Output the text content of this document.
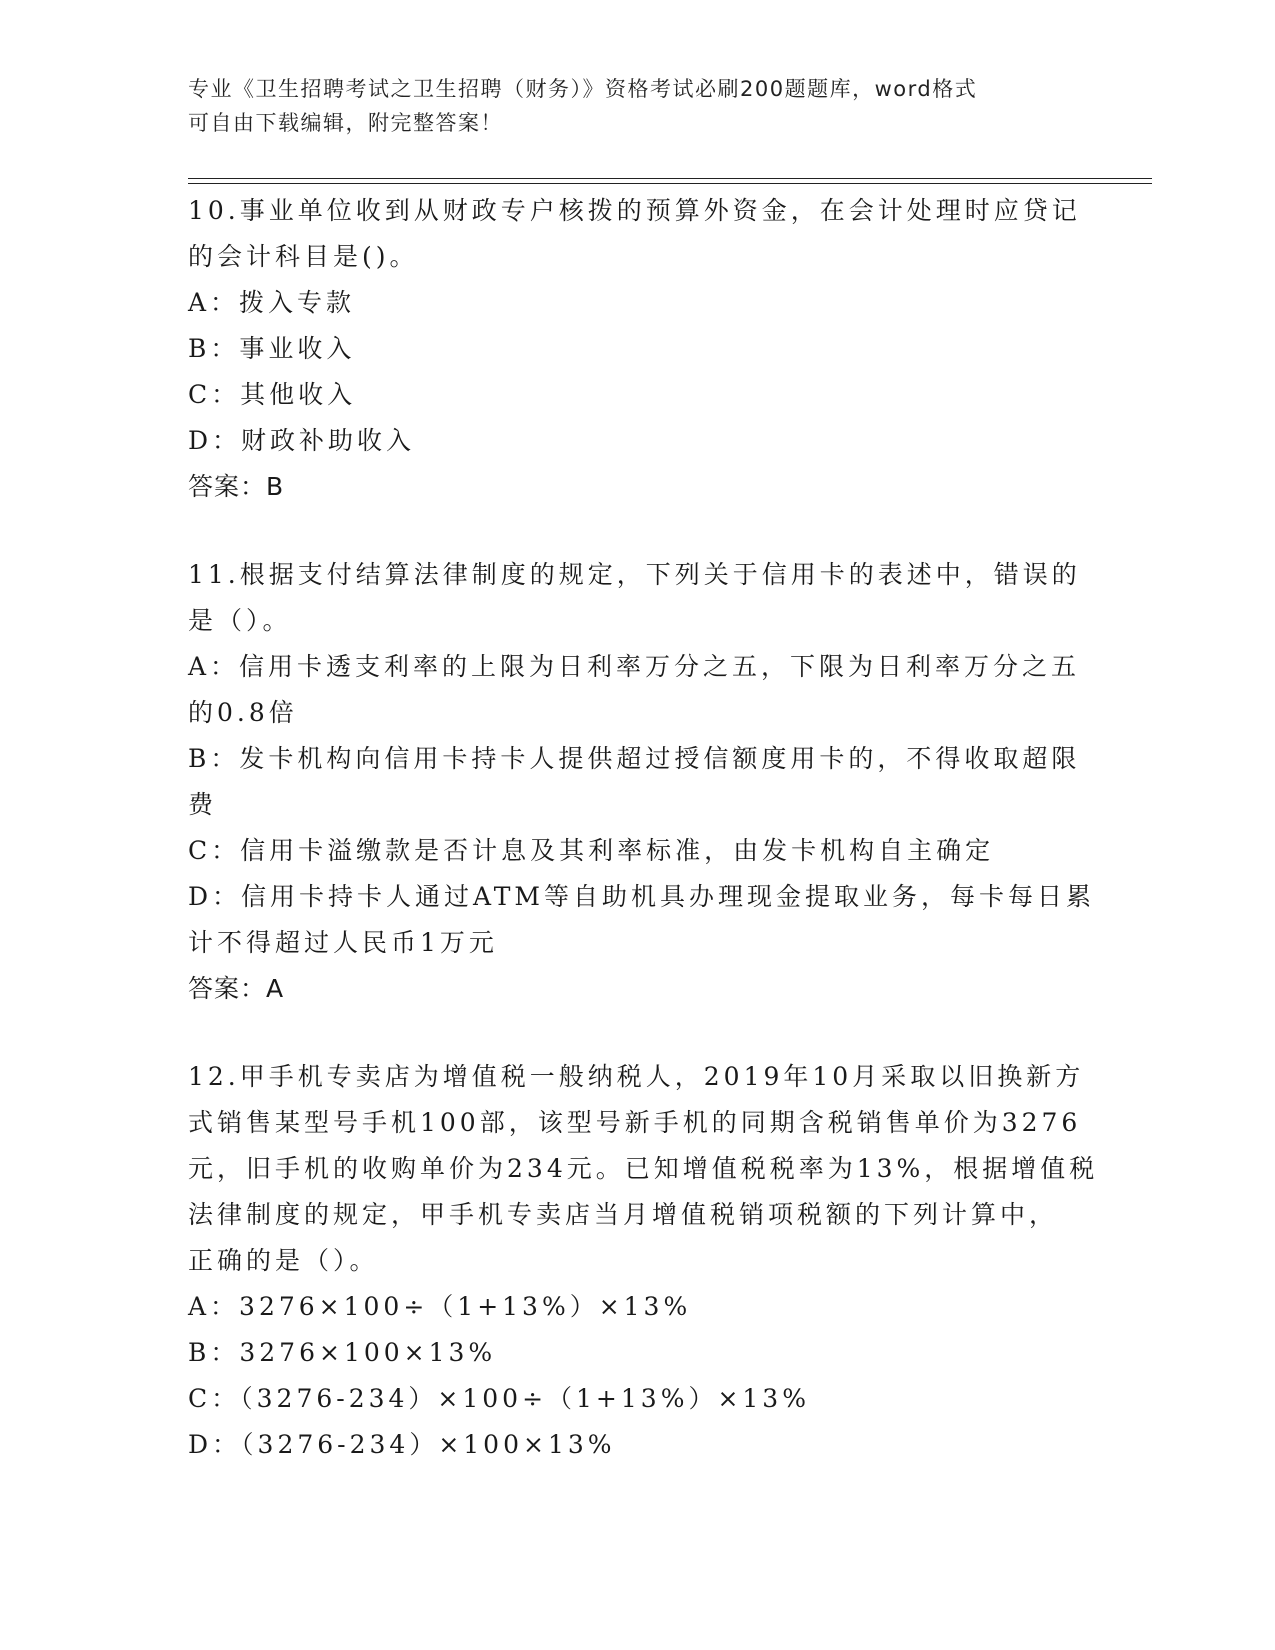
专业《卫生招聘考试之卫生招聘（财务）》资格考试必刷200题题库，word格式
可自由下载编辑，附完整答案！
10.事业单位收到从财政专户核拨的预算外资金，在会计处理时应贷记
的会计科目是()。
A：拨入专款
B：事业收入
C：其他收入
D：财政补助收入
答案：B
11.根据支付结算法律制度的规定，下列关于信用卡的表述中，错误的
是（）。
A：信用卡透支利率的上限为日利率万分之五，下限为日利率万分之五
的0.8倍
B：发卡机构向信用卡持卡人提供超过授信额度用卡的，不得收取超限
费
C：信用卡溢缴款是否计息及其利率标准，由发卡机构自主确定
D：信用卡持卡人通过ATM等自助机具办理现金提取业务，每卡每日累
计不得超过人民币1万元
答案：A
12.甲手机专卖店为增值税一般纳税人，2019年10月采取以旧换新方
式销售某型号手机100部，该型号新手机的同期含税销售单价为3276
元，旧手机的收购单价为234元。已知增值税税率为13%，根据增值税
法律制度的规定，甲手机专卖店当月增值税销项税额的下列计算中，
正确的是（）。
A：3276×100÷（1+13%）×13%
B：3276×100×13%
C：（3276-234）×100÷（1+13%）×13%
D：（3276-234）×100×13%
